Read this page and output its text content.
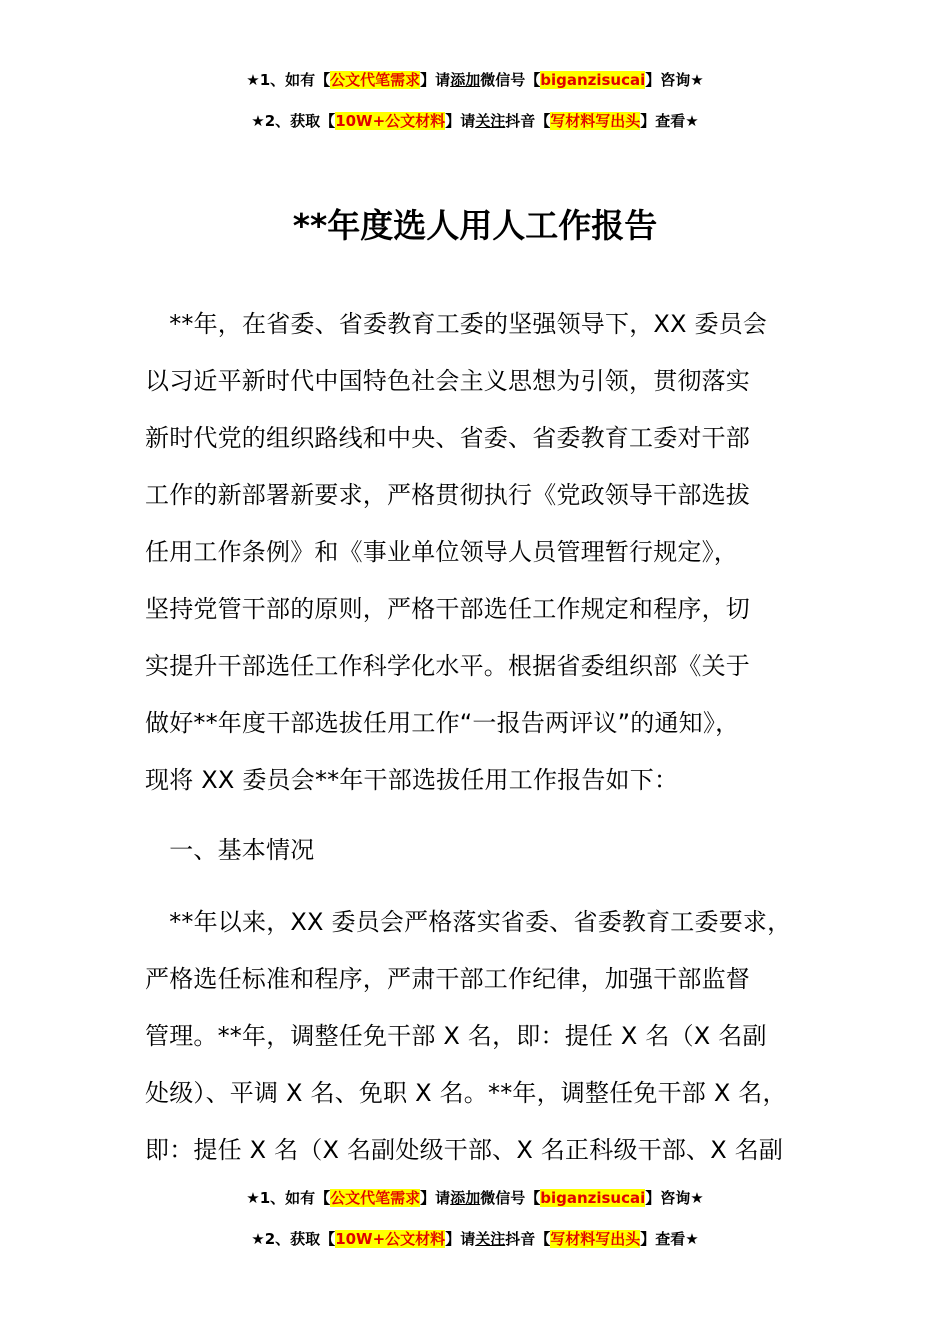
★1、如有【公文代笔需求】请添加微信号【biganzisucai】咨询★
★2、获取【10W+公文材料】请关注抖音【写材料写出头】查看★
**年度选人用人工作报告
　**年，在省委、省委教育工委的坚强领导下，XX 委员会
以习近平新时代中国特色社会主义思想为引领，贯彻落实
新时代党的组织路线和中央、省委、省委教育工委对干部
工作的新部署新要求，严格贯彻执行《党政领导干部选拔
任用工作条例》和《事业单位领导人员管理暂行规定》，
坚持党管干部的原则，严格干部选任工作规定和程序，切
实提升干部选任工作科学化水平。根据省委组织部《关于
做好**年度干部选拔任用工作“一报告两评议”的通知》，
现将 XX 委员会**年干部选拔任用工作报告如下：
　一、基本情况
　**年以来，XX 委员会严格落实省委、省委教育工委要求，
严格选任标准和程序，严肃干部工作纪律，加强干部监督
管理。**年，调整任免干部 X 名，即：提任 X 名（X 名副
处级）、平调 X 名、免职 X 名。**年，调整任免干部 X 名，
即：提任 X 名（X 名副处级干部、X 名正科级干部、X 名副
★1、如有【公文代笔需求】请添加微信号【biganzisucai】咨询★
★2、获取【10W+公文材料】请关注抖音【写材料写出头】查看★
